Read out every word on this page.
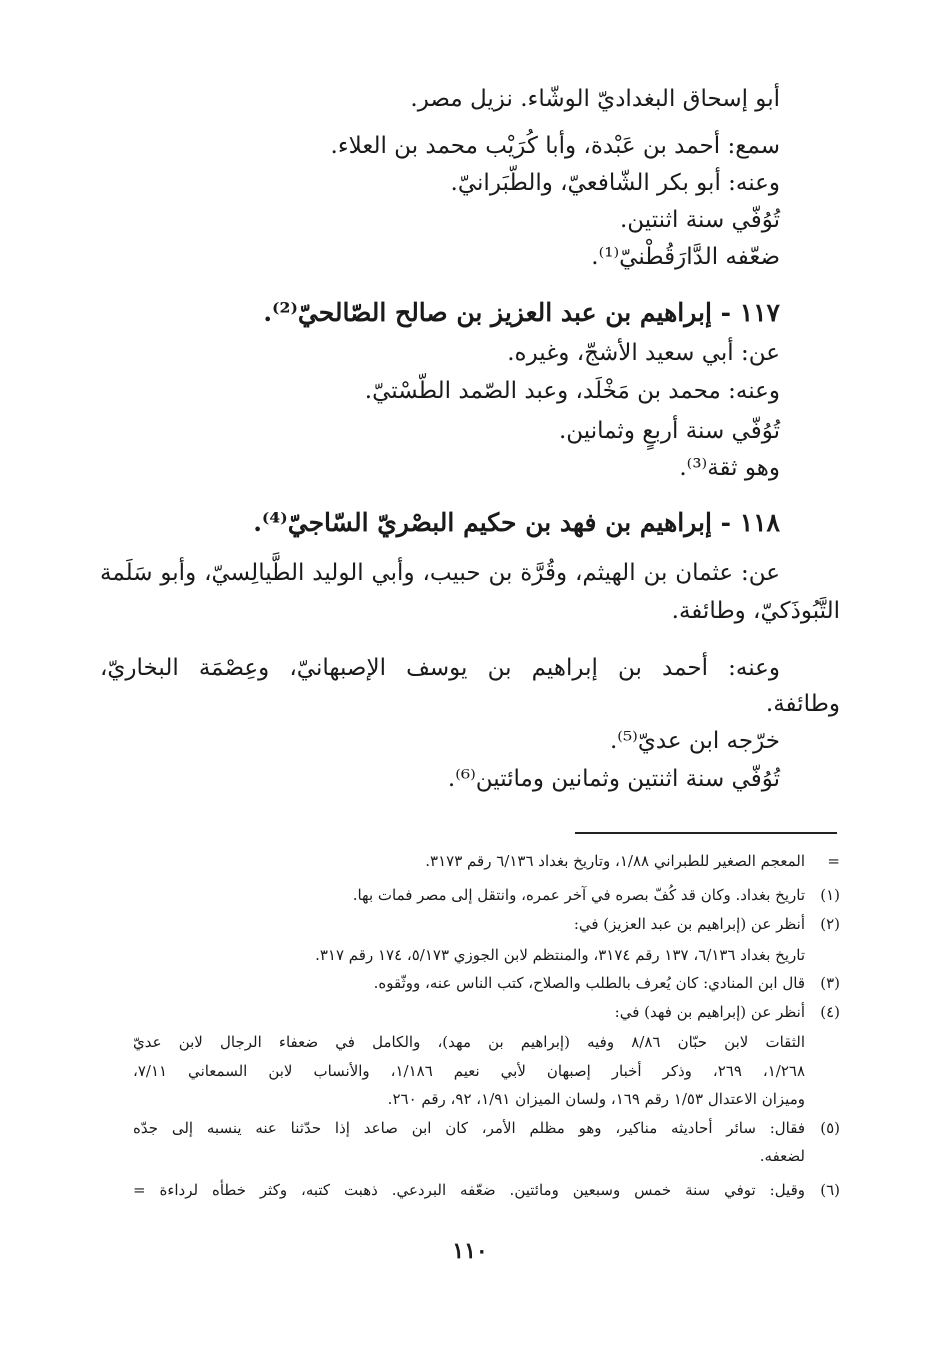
أبو إسحاق البغداديّ الوشّاء. نزيل مصر.
سمع: أحمد بن عَبْدة، وأبا كُرَيْب محمد بن العلاء.
وعنه: أبو بكر الشّافعيّ، والطّبَرانيّ.
تُوُفّي سنة اثنتين.
ضعّفه الدَّارَقُطْنيّ⁽¹⁾.
١١٧ - إبراهيم بن عبد العزيز بن صالح الصّالحيّ⁽²⁾.
عن: أبي سعيد الأشجّ، وغيره.
وعنه: محمد بن مَخْلَد، وعبد الصّمد الطّسْتيّ.
تُوُفّي سنة أربعٍ وثمانين.
وهو ثقة⁽³⁾.
١١٨ - إبراهيم بن فهد بن حكيم البصْريّ السّاجيّ⁽⁴⁾.
عن: عثمان بن الهيثم، وقُرَّة بن حبيب، وأبي الوليد الطَّيالِسيّ، وأبو سَلَمة
التَّبُوذَكيّ، وطائفة.
وعنه: أحمد بن إبراهيم بن يوسف الإصبهانيّ، وعِصْمَة البخاريّ،
وطائفة.
خرّجه ابن عديّ⁽⁵⁾.
تُوُفّي سنة اثنتين وثمانين ومائتين⁽⁶⁾.
=
المعجم الصغير للطبراني ١/٨٨، وتاريخ بغداد ٦/١٣٦ رقم ٣١٧٣.
(١)
تاريخ بغداد. وكان قد كُفّ بصره في آخر عمره، وانتقل إلى مصر فمات بها.
(٢)
أنظر عن (إبراهيم بن عبد العزيز) في:
تاريخ بغداد ٦/١٣٦، ١٣٧ رقم ٣١٧٤، والمنتظم لابن الجوزي ٥/١٧٣، ١٧٤ رقم ٣١٧.
(٣)
قال ابن المنادي: كان يُعرف بالطلب والصلاح، كتب الناس عنه، ووثّقوه.
(٤)
أنظر عن (إبراهيم بن فهد) في:
الثقات لابن حبّان ٨/٨٦ وفيه (إبراهيم بن مهد)، والكامل في ضعفاء الرجال لابن عديّ
١/٢٦٨، ٢٦٩، وذكر أخبار إصبهان لأبي نعيم ١/١٨٦، والأنساب لابن السمعاني ٧/١١،
وميزان الاعتدال ١/٥٣ رقم ١٦٩، ولسان الميزان ١/٩١، ٩٢، رقم ٢٦٠.
(٥)
فقال: سائر أحاديثه مناكير، وهو مظلم الأمر، كان ابن صاعد إذا حدّثنا عنه ينسبه إلى جدّه
لضعفه.
(٦)
وقيل: توفي سنة خمس وسبعين ومائتين. ضعّفه البردعي. ذهبت كتبه، وكثر خطأه لرداءة =
١١٠
